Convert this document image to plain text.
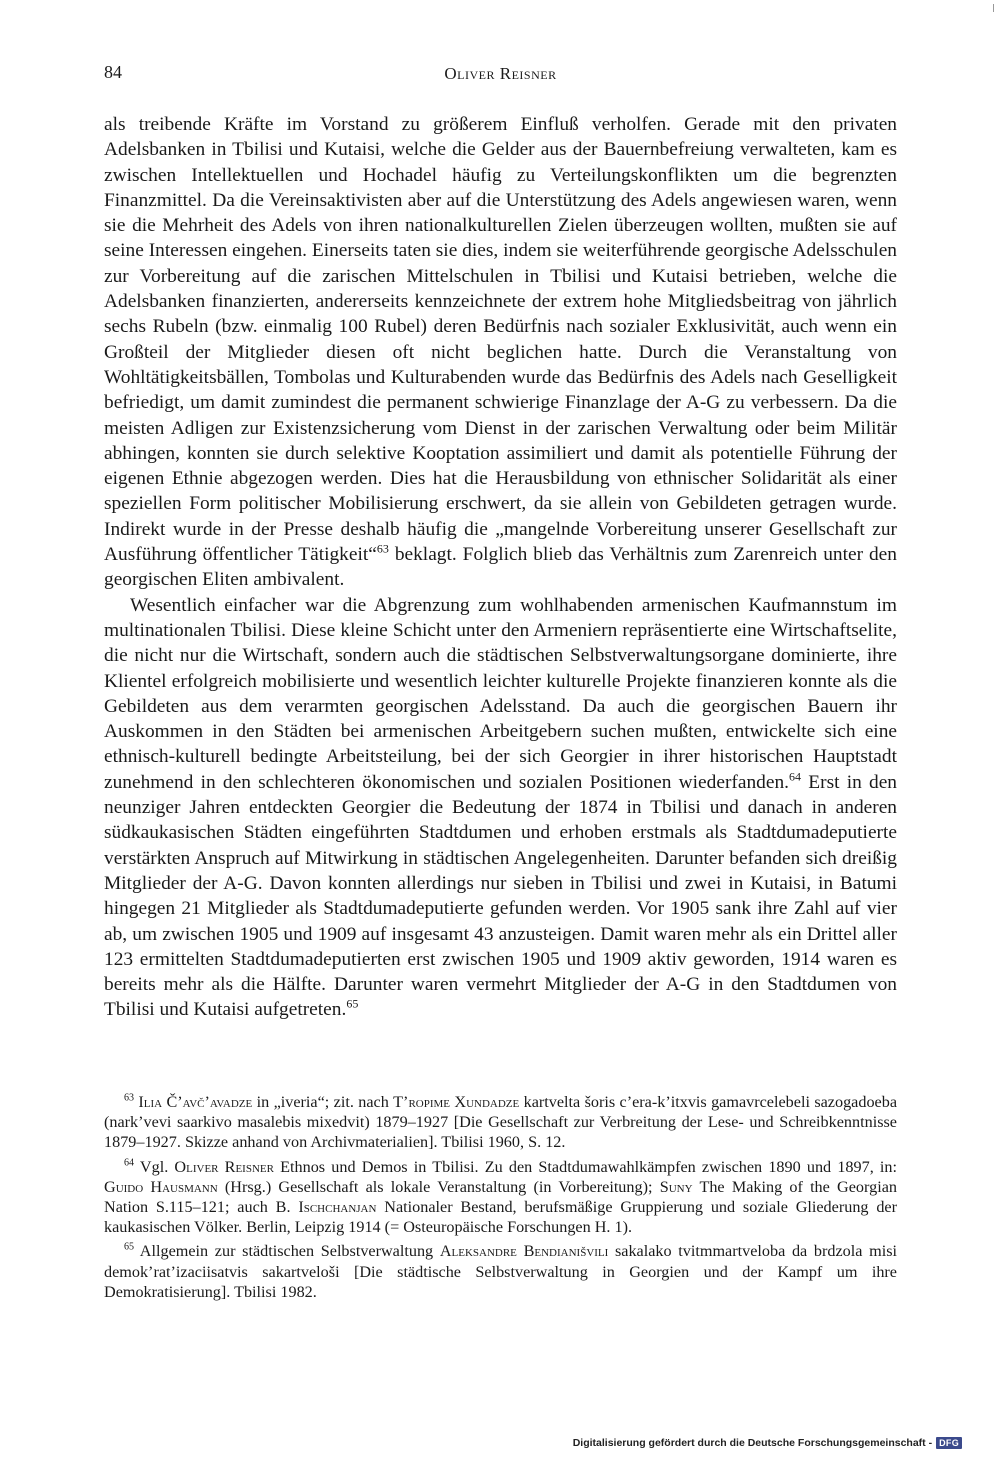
84	Oliver Reisner

als treibende Kräfte im Vorstand zu größerem Einfluß verholfen. Gerade mit den privaten Adelsbanken in Tbilisi und Kutaisi, welche die Gelder aus der Bauernbefreiung verwalteten, kam es zwischen Intellektuellen und Hochadel häufig zu Verteilungskonflikten um die begrenzten Finanzmittel. Da die Vereinsaktivisten aber auf die Unterstützung des Adels angewiesen waren, wenn sie die Mehrheit des Adels von ihren nationalkulturellen Zielen überzeugen wollten, mußten sie auf seine Interessen eingehen. Einerseits taten sie dies, indem sie weiterführende georgische Adelsschulen zur Vorbereitung auf die zarischen Mittelschulen in Tbilisi und Kutaisi betrieben, welche die Adelsbanken finanzierten, andererseits kennzeichnete der extrem hohe Mitgliedsbeitrag von jährlich sechs Rubeln (bzw. einmalig 100 Rubel) deren Bedürfnis nach sozialer Exklusivität, auch wenn ein Großteil der Mitglieder diesen oft nicht beglichen hatte. Durch die Veranstaltung von Wohltätigkeitsbällen, Tombolas und Kulturabenden wurde das Bedürfnis des Adels nach Geselligkeit befriedigt, um damit zumindest die permanent schwierige Finanzlage der A-G zu verbessern. Da die meisten Adligen zur Existenzsicherung vom Dienst in der zarischen Verwaltung oder beim Militär abhingen, konnten sie durch selektive Kooptation assimiliert und damit als potentielle Führung der eigenen Ethnie abgezogen werden. Dies hat die Herausbildung von ethnischer Solidarität als einer speziellen Form politischer Mobilisierung erschwert, da sie allein von Gebildeten getragen wurde. Indirekt wurde in der Presse deshalb häufig die „mangelnde Vorbereitung unserer Gesellschaft zur Ausführung öffentlicher Tätigkeit“$^{63}$ beklagt. Folglich blieb das Verhältnis zum Zarenreich unter den georgischen Eliten ambivalent.

Wesentlich einfacher war die Abgrenzung zum wohlhabenden armenischen Kaufmannstum im multinationalen Tbilisi. Diese kleine Schicht unter den Armeniern repräsentierte eine Wirtschaftselite, die nicht nur die Wirtschaft, sondern auch die städtischen Selbstverwaltungsorgane dominierte, ihre Klientel erfolgreich mobilisierte und wesentlich leichter kulturelle Projekte finanzieren konnte als die Gebildeten aus dem verarmten georgischen Adelsstand. Da auch die georgischen Bauern ihr Auskommen in den Städten bei armenischen Arbeitgebern suchen mußten, entwickelte sich eine ethnisch-kulturell bedingte Arbeitsteilung, bei der sich Georgier in ihrer historischen Hauptstadt zunehmend in den schlechteren ökonomischen und sozialen Positionen wiederfanden.$^{64}$ Erst in den neunziger Jahren entdeckten Georgier die Bedeutung der 1874 in Tbilisi und danach in anderen südkaukasischen Städten eingeführten Stadtdumen und erhoben erstmals als Stadtdumadeputierte verstärkten Anspruch auf Mitwirkung in städtischen Angelegenheiten. Darunter befanden sich dreißig Mitglieder der A-G. Davon konnten allerdings nur sieben in Tbilisi und zwei in Kutaisi, in Batumi hingegen 21 Mitglieder als Stadtdumadeputierte gefunden werden. Vor 1905 sank ihre Zahl auf vier ab, um zwischen 1905 und 1909 auf insgesamt 43 anzusteigen. Damit waren mehr als ein Drittel aller 123 ermittelten Stadtdumadeputierten erst zwischen 1905 und 1909 aktiv geworden, 1914 waren es bereits mehr als die Hälfte. Darunter waren vermehrt Mitglieder der A-G in den Stadtdumen von Tbilisi und Kutaisi aufgetreten.$^{65}$

$^{63}$ Ilia Č’avč’avadze in „iveria“; zit. nach T’ropime Xundadze kartvelta šoris c’era-k’itxvis gamavrcelebeli sazogadoeba (nark’vevi saarkivo masalebis mixedvit) 1879–1927 [Die Gesellschaft zur Verbreitung der Lese- und Schreibkenntnisse 1879–1927. Skizze anhand von Archivmaterialien]. Tbilisi 1960, S. 12.

$^{64}$ Vgl. Oliver Reisner Ethnos und Demos in Tbilisi. Zu den Stadtdumawahlkämpfen zwischen 1890 und 1897, in: Guido Hausmann (Hrsg.) Gesellschaft als lokale Veranstaltung (in Vorbereitung); Suny The Making of the Georgian Nation S.115–121; auch B. Ischchanjan Nationaler Bestand, berufsmäßige Gruppierung und soziale Gliederung der kaukasischen Völker. Berlin, Leipzig 1914 (= Osteuropäische Forschungen H. 1).

$^{65}$ Allgemein zur städtischen Selbstverwaltung Aleksandre Bendianišvili sakalako tvitmmartveloba da brdzola misi demok’rat’izaciisatvis sakartveloši [Die städtische Selbstverwaltung in Georgien und der Kampf um ihre Demokratisierung]. Tbilisi 1982.

Digitalisierung gefördert durch die Deutsche Forschungsgemeinschaft - DFG
